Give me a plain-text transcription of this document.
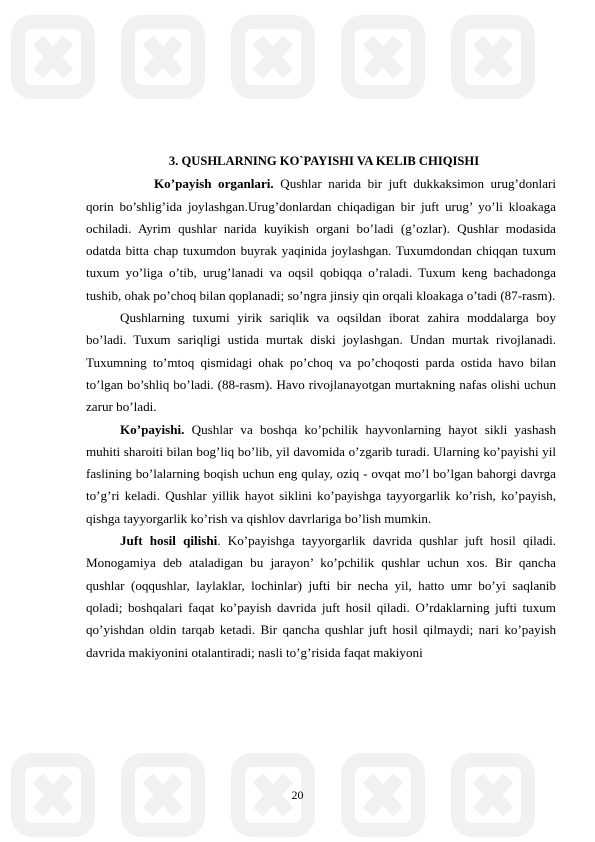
3. QUSHLARNING KO`PAYISHI VA KELIB CHIQISHI

Ko’payish organlari. Qushlar narida bir juft dukkaksimon urug’donlari qorin bo’shlig’ida joylashgan.Urug’donlardan chiqadigan bir juft urug’ yo’li kloakaga ochiladi. Ayrim qushlar narida kuyikish organi bo’ladi (g’ozlar). Qushlar modasida odatda bitta chap tuxumdon buyrak yaqinida joylashgan. Tuxumdondan chiqqan tuxum tuxum yo’liga o’tib, urug’lanadi va oqsil qobiqqa o’raladi. Tuxum keng bachadonga tushib, ohak po’choq bilan qoplanadi; so’ngra jinsiy qin orqali kloakaga o’tadi (87-rasm).

Qushlarning tuxumi yirik sariqlik va oqsildan iborat zahira moddalarga boy bo’ladi. Tuxum sariqligi ustida murtak diski joylashgan. Undan murtak rivojlanadi. Tuxumning to’mtoq qismidagi ohak po’choq va po’choqosti parda ostida havo bilan to’lgan bo’shliq bo’ladi. (88-rasm). Havo rivojlanayotgan murtakning nafas olishi uchun zarur bo’ladi.

Ko’payishi. Qushlar va boshqa ko’pchilik hayvonlarning hayot sikli yashash muhiti sharoiti bilan bog’liq bo’lib, yil davomida o’zgarib turadi. Ularning ko’payishi yil faslining bo’lalarning boqish uchun eng qulay, oziq - ovqat mo’l bo’lgan bahorgi davrga to’g’ri keladi. Qushlar yillik hayot siklini ko’payishga tayyorgarlik ko’rish, ko’payish, qishga tayyorgarlik ko’rish va qishlov davrlariga bo’lish mumkin.

Juft hosil qilishi. Ko’payishga tayyorgarlik davrida qushlar juft hosil qiladi. Monogamiya deb ataladigan bu jarayon’ ko’pchilik qushlar uchun xos. Bir qancha qushlar (oqqushlar, laylaklar, lochinlar) jufti bir necha yil, hatto umr bo’yi saqlanib qoladi; boshqalari faqat ko’payish davrida juft hosil qiladi. O’rdaklarning jufti tuxum qo’yishdan oldin tarqab ketadi. Bir qancha qushlar juft hosil qilmaydi; nari ko’payish davrida makiyonini otalantiradi; nasli to’g’risida faqat makiyoni

20
